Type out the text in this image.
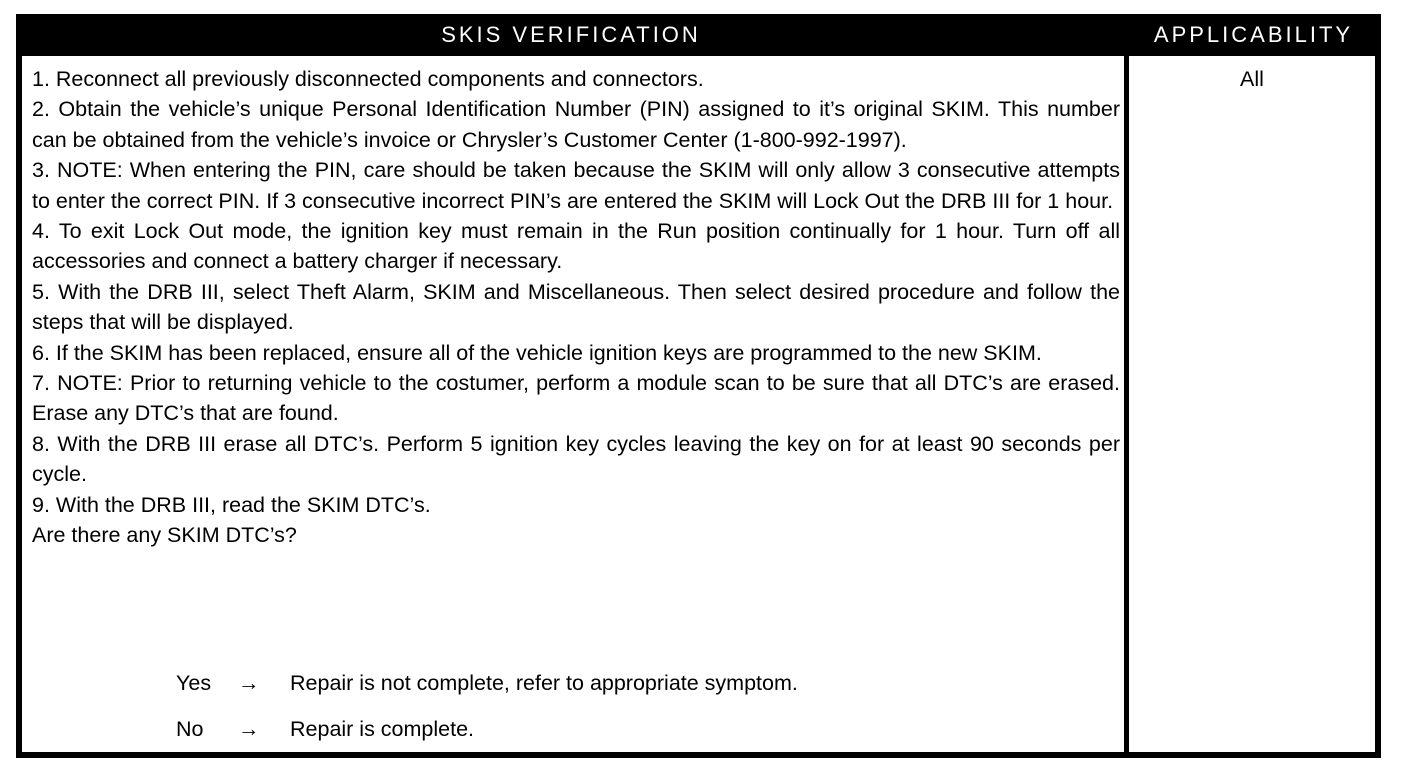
SKIS VERIFICATION	APPLICABILITY

1. Reconnect all previously disconnected components and connectors.

2. Obtain the vehicle’s unique Personal Identification Number (PIN) assigned to it’s original SKIM. This number can be obtained from the vehicle’s invoice or Chrysler’s Customer Center (1-800-992-1997).

3. NOTE: When entering the PIN, care should be taken because the SKIM will only allow 3 consecutive attempts to enter the correct PIN. If 3 consecutive incorrect PIN’s are entered the SKIM will Lock Out the DRB III for 1 hour.

4. To exit Lock Out mode, the ignition key must remain in the Run position continually for 1 hour. Turn off all accessories and connect a battery charger if necessary.

5. With the DRB III, select Theft Alarm, SKIM and Miscellaneous. Then select desired procedure and follow the steps that will be displayed.

6. If the SKIM has been replaced, ensure all of the vehicle ignition keys are programmed to the new SKIM.

7. NOTE: Prior to returning vehicle to the costumer, perform a module scan to be sure that all DTC’s are erased. Erase any DTC’s that are found.

8. With the DRB III erase all DTC’s. Perform 5 ignition key cycles leaving the key on for at least 90 seconds per cycle.

9. With the DRB III, read the SKIM DTC’s.

Are there any SKIM DTC’s?

Yes → Repair is not complete, refer to appropriate symptom.
No → Repair is complete.
All
